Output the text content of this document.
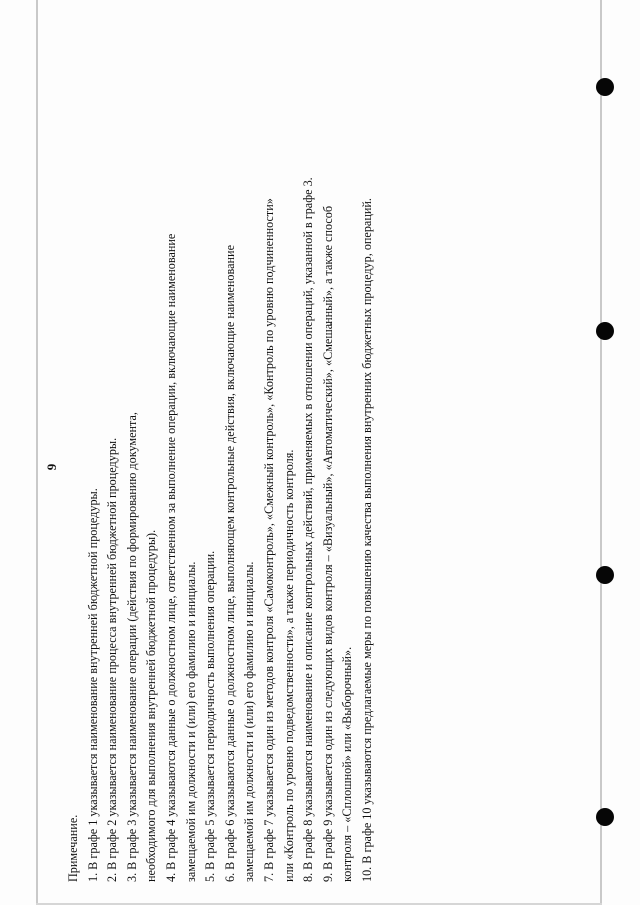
9
Примечание. 1. В графе 1 указывается наименование внутренней бюджетной процедуры. 2. В графе 2 указывается наименование процесса внутренней бюджетной процедуры. 3. В графе 3 указывается наименование операции (действия по формированию документа, необходимого для выполнения внутренней бюджетной процедуры). 4. В графе 4 указываются данные о должностном лице, ответственном за выполнение операции, включающие наименование замещаемой им должности и (или) его фамилию и инициалы. 5. В графе 5 указывается периодичность выполнения операции. 6. В графе 6 указываются данные о должностном лице, выполняющем контрольные действия, включающие наименование замещаемой им должности и (или) его фамилию и инициалы. 7. В графе 7 указывается один из методов контроля «Самоконтроль», «Смежный контроль», «Контроль по уровню подчиненности» или «Контроль по уровню подведомственности», а также периодичность контроля. 8. В графе 8 указываются наименование и описание контрольных действий, применяемых в отношении операций, указанной в графе 3. 9. В графе 9 указывается один из следующих видов контроля – «Визуальный», «Автоматический», «Смешанный», а также способ контроля – «Сплошной» или «Выборочный». 10. В графе 10 указываются предлагаемые меры по повышению качества выполнения внутренних бюджетных процедур, операций.
